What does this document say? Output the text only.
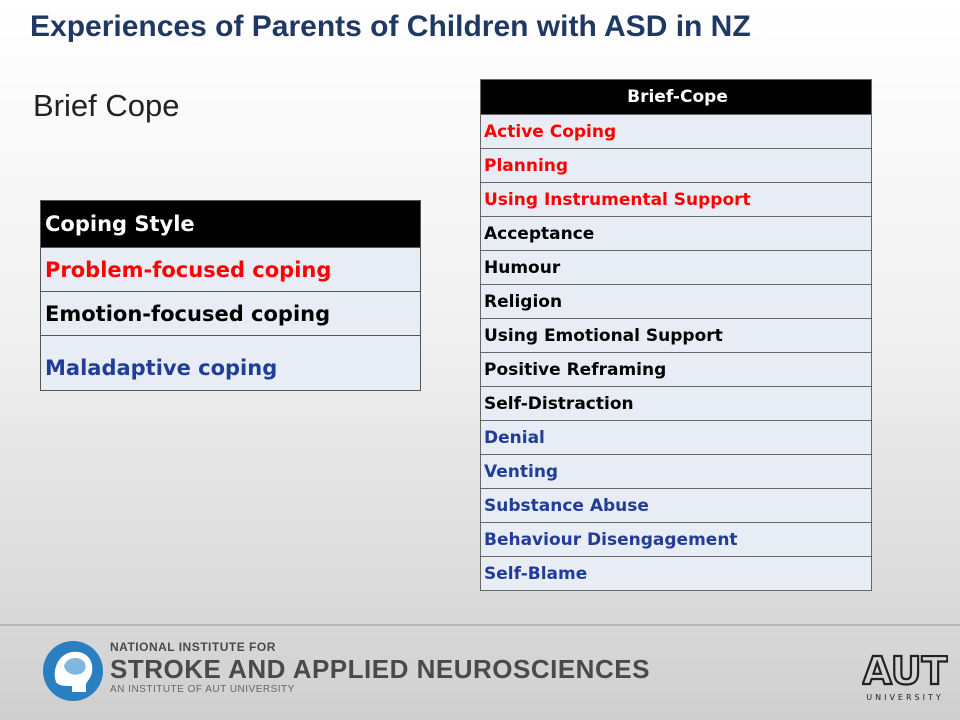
Experiences of Parents of Children with ASD in NZ
Brief Cope
Coping Style
Problem-focused coping
Emotion-focused coping
Maladaptive coping
Brief-Cope
Active Coping
Planning
Using Instrumental Support
Acceptance
Humour
Religion
Using Emotional Support
Positive Reframing
Self-Distraction
Denial
Venting
Substance Abuse
Behaviour Disengagement
Self-Blame
NATIONAL INSTITUTE FOR
STROKE AND APPLIED NEUROSCIENCES
AN INSTITUTE OF AUT UNIVERSITY	AUT
UNIVERSITY
